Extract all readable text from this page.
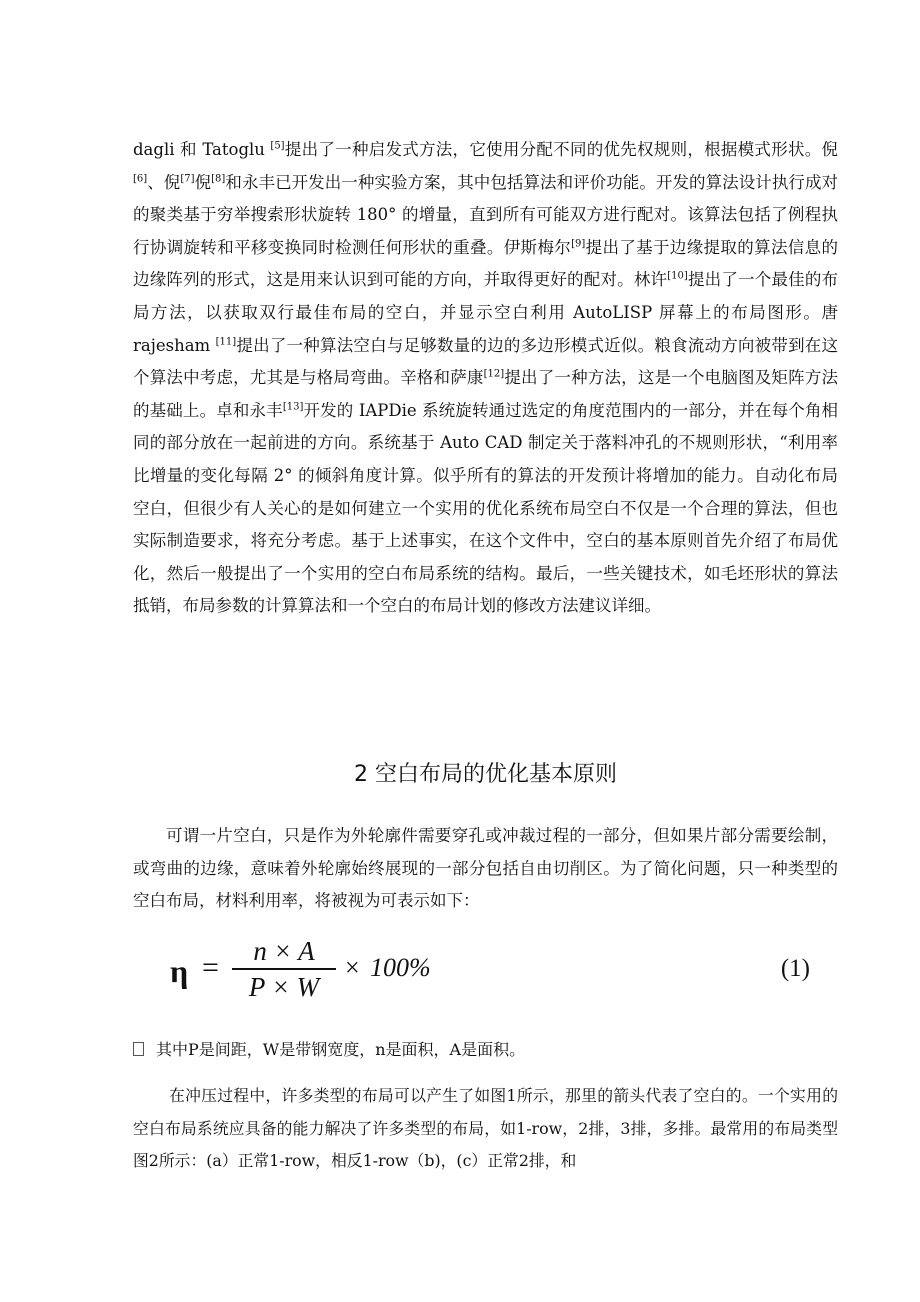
dagli 和 Tatoglu [5]提出了一种启发式方法，它使用分配不同的优先权规则，根据模式形状。倪[6]、倪[7]倪[8]和永丰已开发出一种实验方案，其中包括算法和评价功能。开发的算法设计执行成对的聚类基于穷举搜索形状旋转 180° 的增量，直到所有可能双方进行配对。该算法包括了例程执行协调旋转和平移变换同时检测任何形状的重叠。伊斯梅尔[9]提出了基于边缘提取的算法信息的边缘阵列的形式，这是用来认识到可能的方向，并取得更好的配对。林许[10]提出了一个最佳的布局方法，以获取双行最佳布局的空白，并显示空白利用 AutoLISP 屏幕上的布局图形。唐 rajesham [11]提出了一种算法空白与足够数量的边的多边形模式近似。粮食流动方向被带到在这个算法中考虑，尤其是与格局弯曲。辛格和萨康[12]提出了一种方法，这是一个电脑图及矩阵方法的基础上。卓和永丰[13]开发的 IAPDie 系统旋转通过选定的角度范围内的一部分，并在每个角相同的部分放在一起前进的方向。系统基于 Auto CAD 制定关于落料冲孔的不规则形状，“利用率比增量的变化每隔 2° 的倾斜角度计算。似乎所有的算法的开发预计将增加的能力。自动化布局空白，但很少有人关心的是如何建立一个实用的优化系统布局空白不仅是一个合理的算法，但也实际制造要求，将充分考虑。基于上述事实，在这个文件中，空白的基本原则首先介绍了布局优化，然后一般提出了一个实用的空白布局系统的结构。最后，一些关键技术，如毛坯形状的算法抵销，布局参数的计算算法和一个空白的布局计划的修改方法建议详细。

2 空白布局的优化基本原则

可谓一片空白，只是作为外轮廓件需要穿孔或冲裁过程的一部分，但如果片部分需要绘制，或弯曲的边缘，意味着外轮廓始终展现的一部分包括自由切削区。为了简化问题，只一种类型的空白布局，材料利用率，将被视为可表示如下：

η =	n × A
P × W
× 100%	(1)

其中P是间距，W是带钢宽度，n是面积，A是面积。

在冲压过程中，许多类型的布局可以产生了如图1所示，那里的箭头代表了空白的。一个实用的空白布局系统应具备的能力解决了许多类型的布局，如1-row，2排，3排，多排。最常用的布局类型图2所示：(a）正常1-row，相反1-row（b)，(c）正常2排，和
